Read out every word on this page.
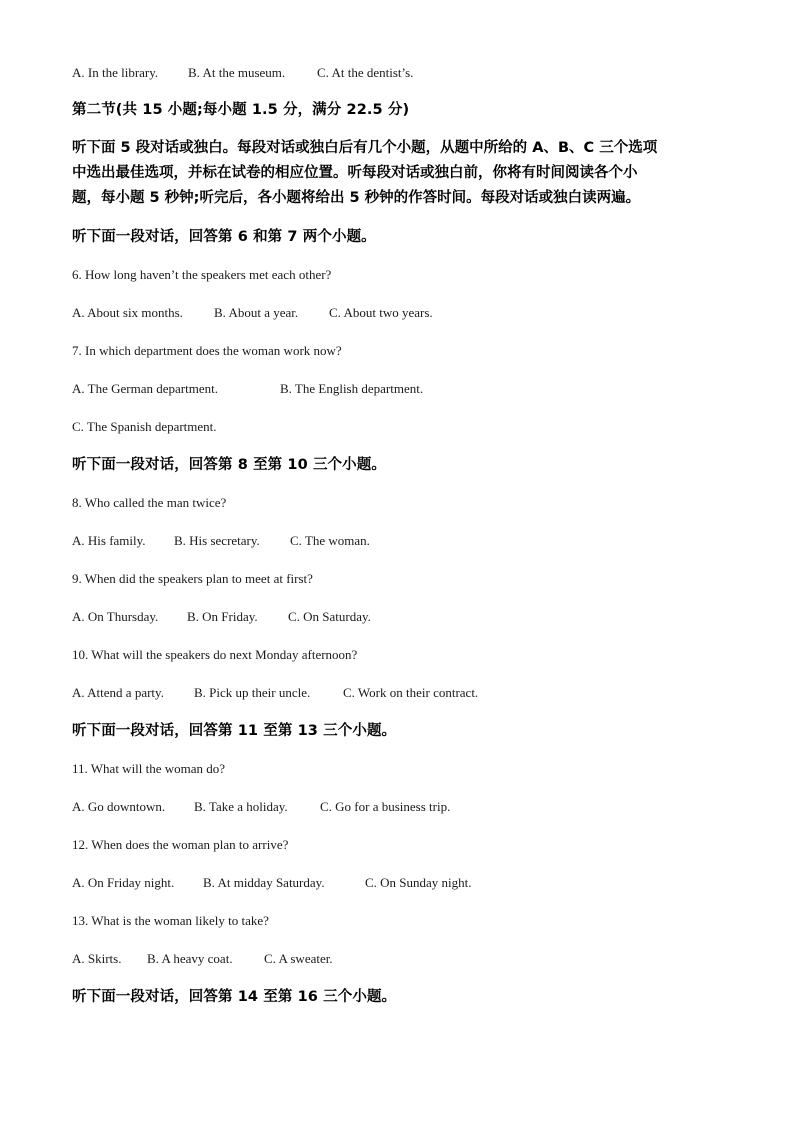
A. In the library. B. At the museum. C. At the dentist’s.
第二节(共 15 小题;每小题 1.5 分，满分 22.5 分)
听下面 5 段对话或独白。每段对话或独白后有几个小题，从题中所给的 A、B、C 三个选项
中选出最佳选项，并标在试卷的相应位置。听每段对话或独白前，你将有时间阅读各个小
题，每小题 5 秒钟;听完后，各小题将给出 5 秒钟的作答时间。每段对话或独白读两遍。
听下面一段对话，回答第 6 和第 7 两个小题。
6. How long haven’t the speakers met each other?
A. About six months. B. About a year. C. About two years.
7. In which department does the woman work now?
A. The German department.	B. The English department.
C. The Spanish department.
听下面一段对话，回答第 8 至第 10 三个小题。
8. Who called the man twice?
A. His family. B. His secretary. C. The woman.
9. When did the speakers plan to meet at first?
A. On Thursday. B. On Friday. C. On Saturday.
10. What will the speakers do next Monday afternoon?
A. Attend a party. B. Pick up their uncle.	C. Work on their contract.
听下面一段对话，回答第 11 至第 13 三个小题。
11. What will the woman do?
A. Go downtown. B. Take a holiday. C. Go for a business trip.
12. When does the woman plan to arrive?
A. On Friday night. B. At midday Saturday.	C. On Sunday night.
13. What is the woman likely to take?
A. Skirts. B. A heavy coat. C. A sweater.
听下面一段对话，回答第 14 至第 16 三个小题。
